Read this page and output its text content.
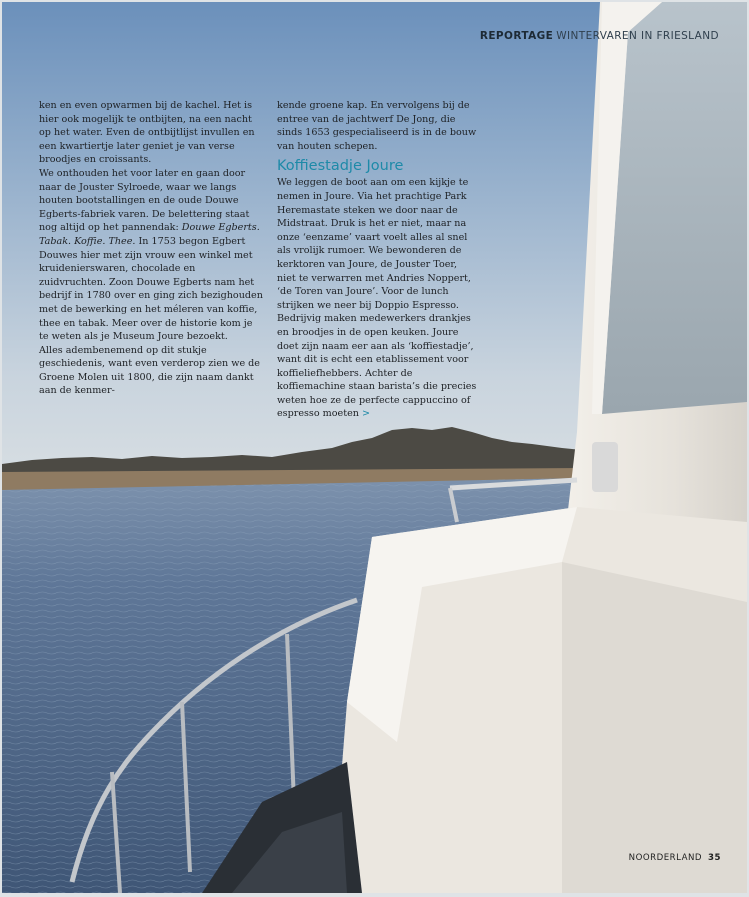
REPORTAGE WINTERVAREN IN FRIESLAND

ken en even opwarmen bij de kachel. Het is hier ook mogelijk te ontbijten, na een nacht op het water. Even de ontbijtlijst invullen en een kwartiertje later geniet je van verse broodjes en croissants.

We onthouden het voor later en gaan door naar de Jouster Sylroede, waar we langs houten bootstallingen en de oude Douwe Egberts-fabriek varen. De belettering staat nog altijd op het pannendak: Douwe Egberts. Tabak. Koffie. Thee. In 1753 begon Egbert Douwes hier met zijn vrouw een winkel met kruidenierswaren, chocolade en zuidvruchten. Zoon Douwe Egberts nam het bedrijf in 1780 over en ging zich bezighouden met de bewerking en het méleren van koffie, thee en tabak. Meer over de historie kom je te weten als je Museum Joure bezoekt.

Alles adembenemend op dit stukje geschiedenis, want even verderop zien we de Groene Molen uit 1800, die zijn naam dankt aan de kenmer-

kende groene kap. En vervolgens bij de entree van de jachtwerf De Jong, die sinds 1653 gespecialiseerd is in de bouw van houten schepen.

Koffiestadje Joure

We leggen de boot aan om een kijkje te nemen in Joure. Via het prachtige Park Heremastate steken we door naar de Midstraat. Druk is het er niet, maar na onze ‘eenzame’ vaart voelt alles al snel als vrolijk rumoer. We bewonderen de kerktoren van Joure, de Jouster Toer, niet te verwarren met Andries Noppert, ‘de Toren van Joure’. Voor de lunch strijken we neer bij Doppio Espresso. Bedrijvig maken medewerkers drankjes en broodjes in de open keuken. Joure doet zijn naam eer aan als ‘koffiestadje’, want dit is echt een etablissement voor koffieliefhebbers. Achter de koffiemachine staan barista’s die precies weten hoe ze de perfecte cappuccino of espresso moeten >

NOORDERLAND 35
